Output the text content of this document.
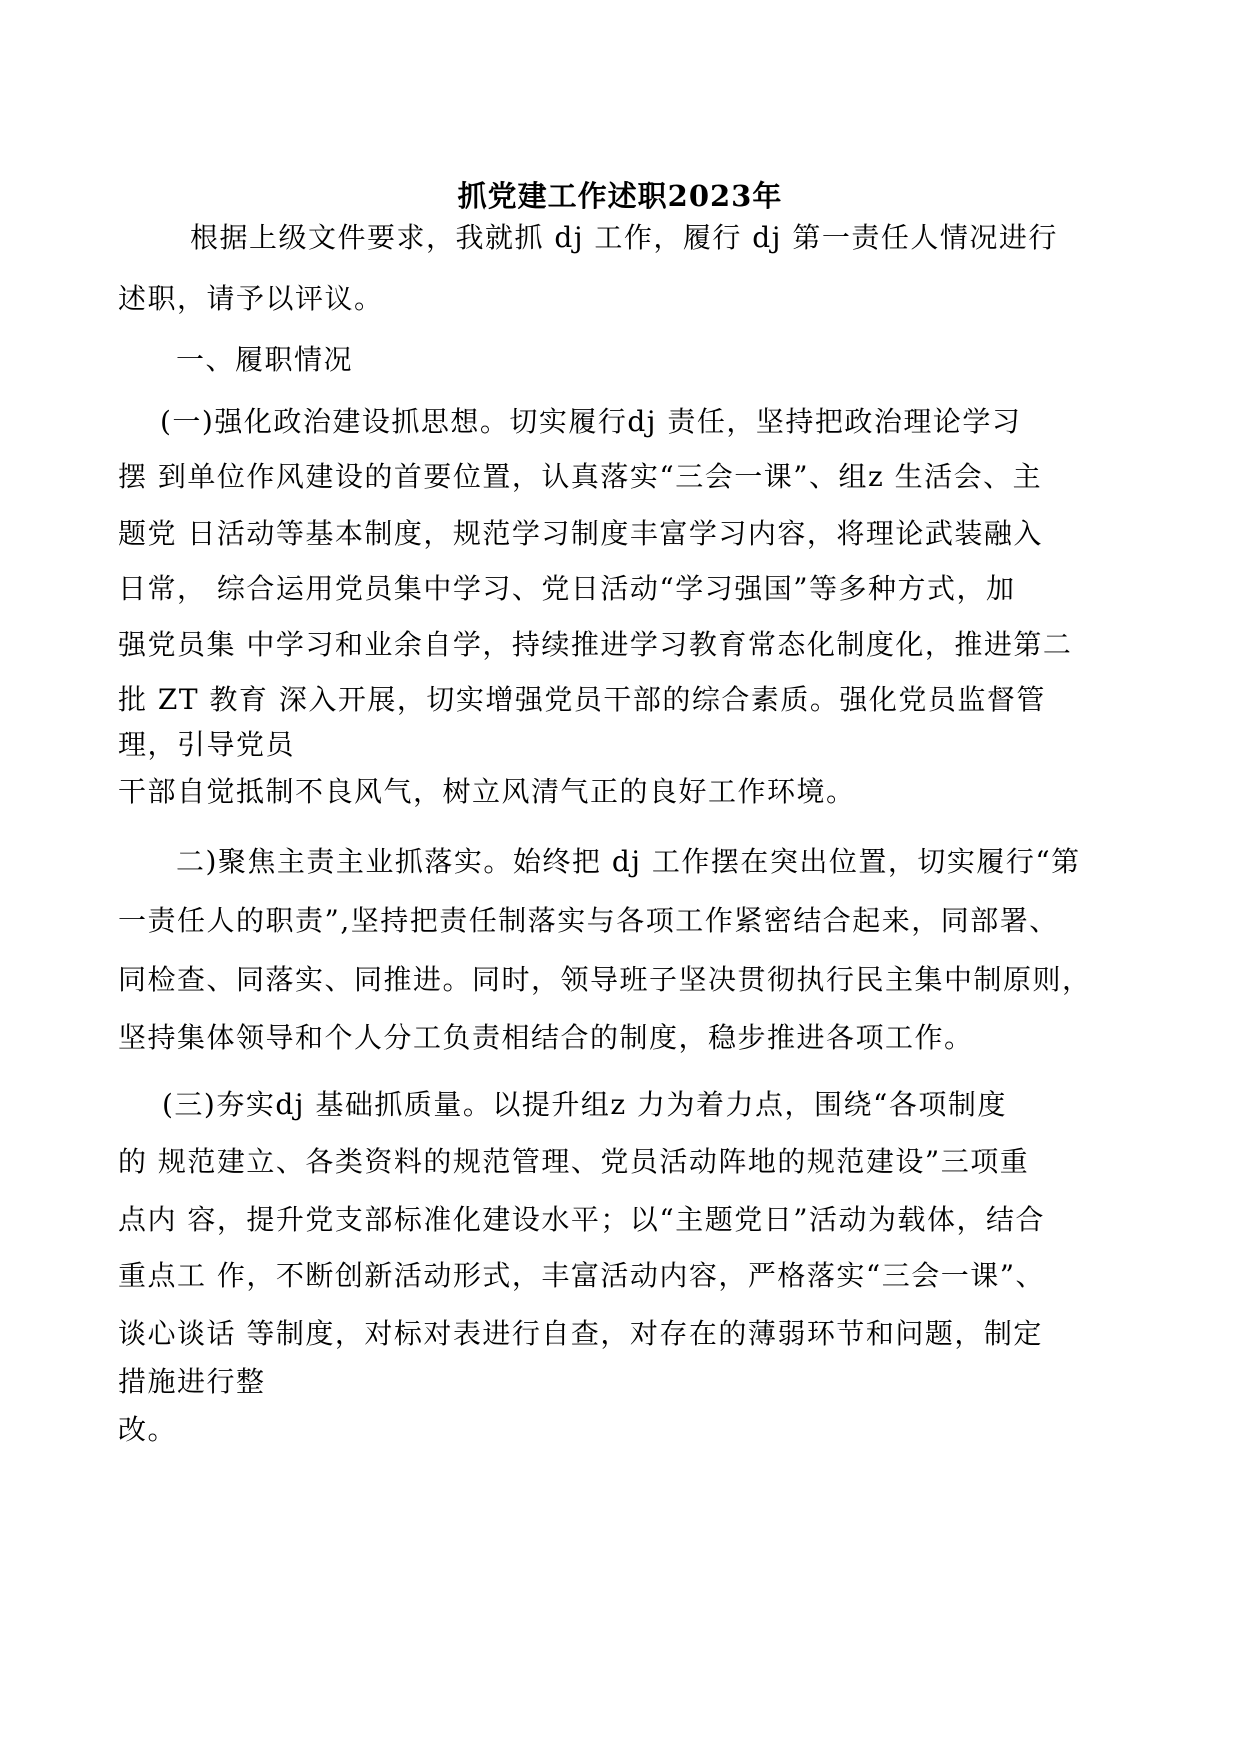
抓党建工作述职2023年
根据上级文件要求，我就抓 dj 工作，履行 dj 第一责任人情况进行
述职，请予以评议。
一、履职情况
(一)强化政治建设抓思想。切实履行dj 责任，坚持把政治理论学习
摆 到单位作风建设的首要位置，认真落实“三会一课”、组z 生活会、主
题党 日活动等基本制度，规范学习制度丰富学习内容，将理论武装融入
日常， 综合运用党员集中学习、党日活动“学习强国”等多种方式，加
强党员集 中学习和业余自学，持续推进学习教育常态化制度化，推进第二
批 ZT 教育 深入开展，切实增强党员干部的综合素质。强化党员监督管
理，引导党员
干部自觉抵制不良风气，树立风清气正的良好工作环境。
二)聚焦主责主业抓落实。始终把 dj 工作摆在突出位置，切实履行“第
一责任人的职责”,坚持把责任制落实与各项工作紧密结合起来，同部署、
同检查、同落实、同推进。同时，领导班子坚决贯彻执行民主集中制原则，
坚持集体领导和个人分工负责相结合的制度，稳步推进各项工作。
(三)夯实dj 基础抓质量。以提升组z 力为着力点，围绕“各项制度
的 规范建立、各类资料的规范管理、党员活动阵地的规范建设”三项重
点内 容，提升党支部标准化建设水平；以“主题党日”活动为载体，结合
重点工 作，不断创新活动形式，丰富活动内容，严格落实“三会一课”、
谈心谈话 等制度，对标对表进行自查，对存在的薄弱环节和问题，制定
措施进行整
改。
